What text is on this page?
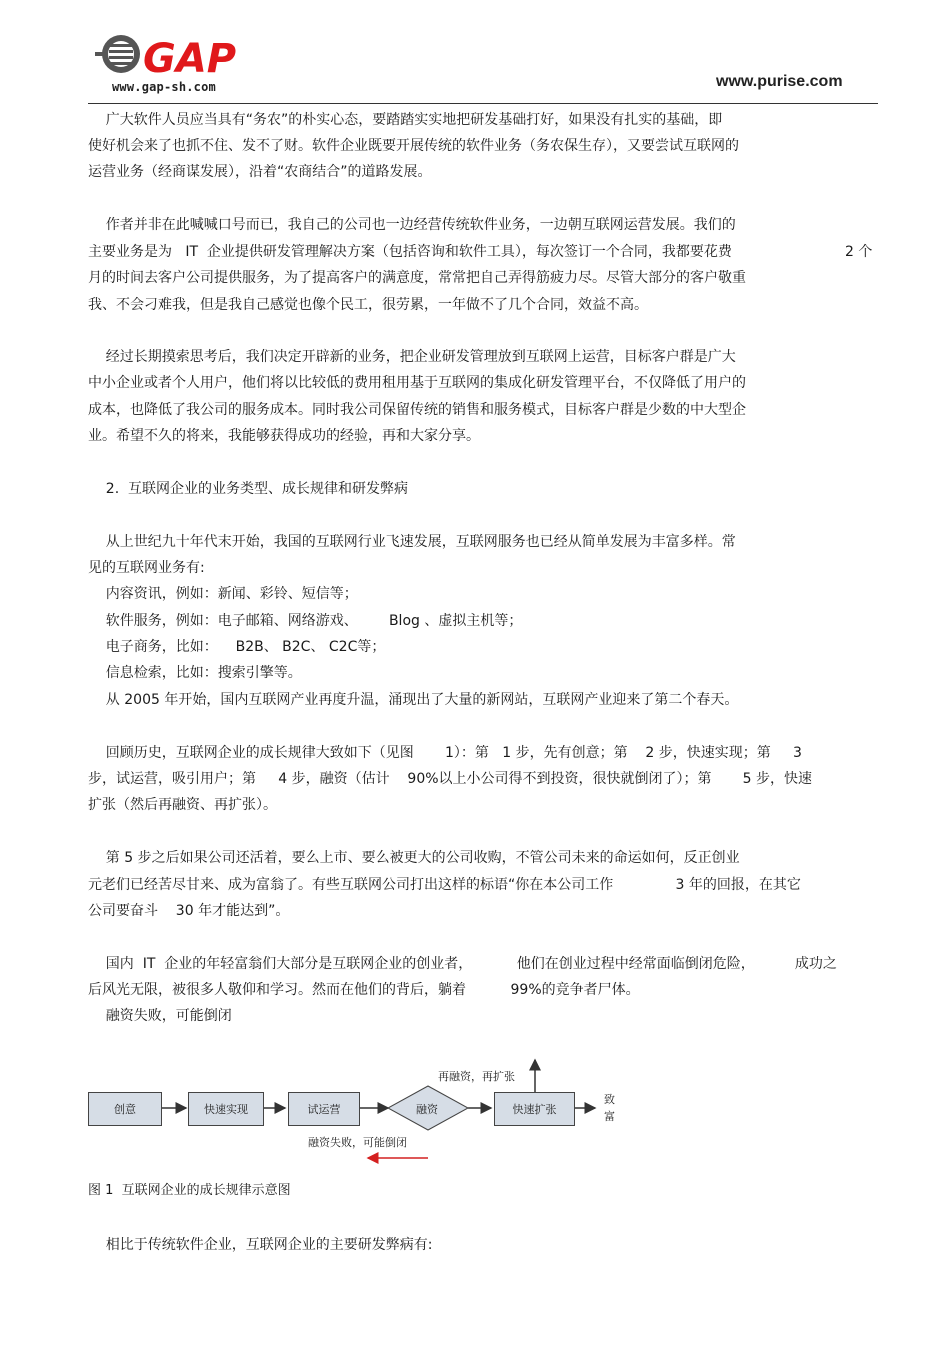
GAP
www.gap-sh.com	www.purise.com
广大软件人员应当具有“务农”的朴实心态，要踏踏实实地把研发基础打好，如果没有扎实的基础，即
使好机会来了也抓不住、发不了财。软件企业既要开展传统的软件业务（务农保生存），又要尝试互联网的
运营业务（经商谋发展），沿着“农商结合”的道路发展。
作者并非在此喊喊口号而已，我自己的公司也一边经营传统软件业务，一边朝互联网运营发展。我们的
主要业务是为   IT  企业提供研发管理解决方案（包括咨询和软件工具），每次签订一个合同，我都要花费	2 个
月的时间去客户公司提供服务，为了提高客户的满意度，常常把自己弄得筋疲力尽。尽管大部分的客户敬重
我、不会刁难我，但是我自己感觉也像个民工，很劳累，一年做不了几个合同，效益不高。
经过长期摸索思考后，我们决定开辟新的业务，把企业研发管理放到互联网上运营，目标客户群是广大
中小企业或者个人用户，他们将以比较低的费用租用基于互联网的集成化研发管理平台，不仅降低了用户的
成本，也降低了我公司的服务成本。同时我公司保留传统的销售和服务模式，目标客户群是少数的中大型企
业。希望不久的将来，我能够获得成功的经验，再和大家分享。
2.  互联网企业的业务类型、成长规律和研发弊病
从上世纪九十年代末开始，我国的互联网行业飞速发展，互联网服务也已经从简单发展为丰富多样。常
见的互联网业务有:
内容资讯，例如：新闻、彩铃、短信等；
软件服务，例如：电子邮箱、网络游戏、       Blog 、虚拟主机等；
电子商务，比如：    B2B、 B2C、 C2C等；
信息检索，比如：搜索引擎等。
从 2005 年开始，国内互联网产业再度升温，涌现出了大量的新网站，互联网产业迎来了第二个春天。
回顾历史，互联网企业的成长规律大致如下（见图       1）：第   1 步，先有创意；第    2 步，快速实现；第     3
步，试运营，吸引用户；第     4 步，融资（估计    90%以上小公司得不到投资，很快就倒闭了）；第       5 步，快速
扩张（然后再融资、再扩张）。
第 5 步之后如果公司还活着，要么上市、要么被更大的公司收购，不管公司未来的命运如何，反正创业
元老们已经苦尽甘来、成为富翁了。有些互联网公司打出这样的标语“你在本公司工作              3 年的回报，在其它
公司要奋斗    30 年才能达到”。
国内  IT  企业的年轻富翁们大部分是互联网企业的创业者，          他们在创业过程中经常面临倒闭危险，         成功之
后风光无限，被很多人敬仰和学习。然而在他们的背后，躺着          99%的竞争者尸体。
融资失败，可能倒闭
创意	快速实现	试运营	融资	快速扩张
再融资，再扩张
融资失败，可能倒闭
致
富
图 1  互联网企业的成长规律示意图
相比于传统软件企业，互联网企业的主要研发弊病有:
